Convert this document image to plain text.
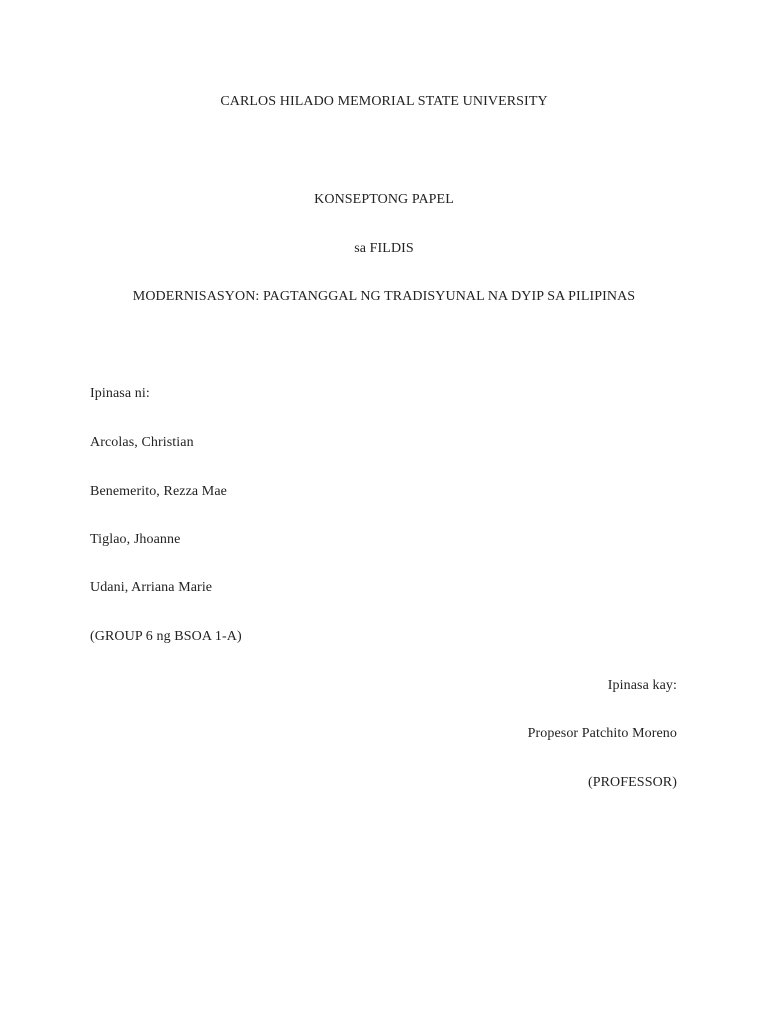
CARLOS HILADO MEMORIAL STATE UNIVERSITY
KONSEPTONG PAPEL
sa FILDIS
MODERNISASYON: PAGTANGGAL NG TRADISYUNAL NA DYIP SA PILIPINAS
Ipinasa ni:
Arcolas, Christian
Benemerito, Rezza Mae
Tiglao, Jhoanne
Udani, Arriana Marie
(GROUP 6 ng BSOA 1-A)
Ipinasa kay:
Propesor Patchito Moreno
(PROFESSOR)
